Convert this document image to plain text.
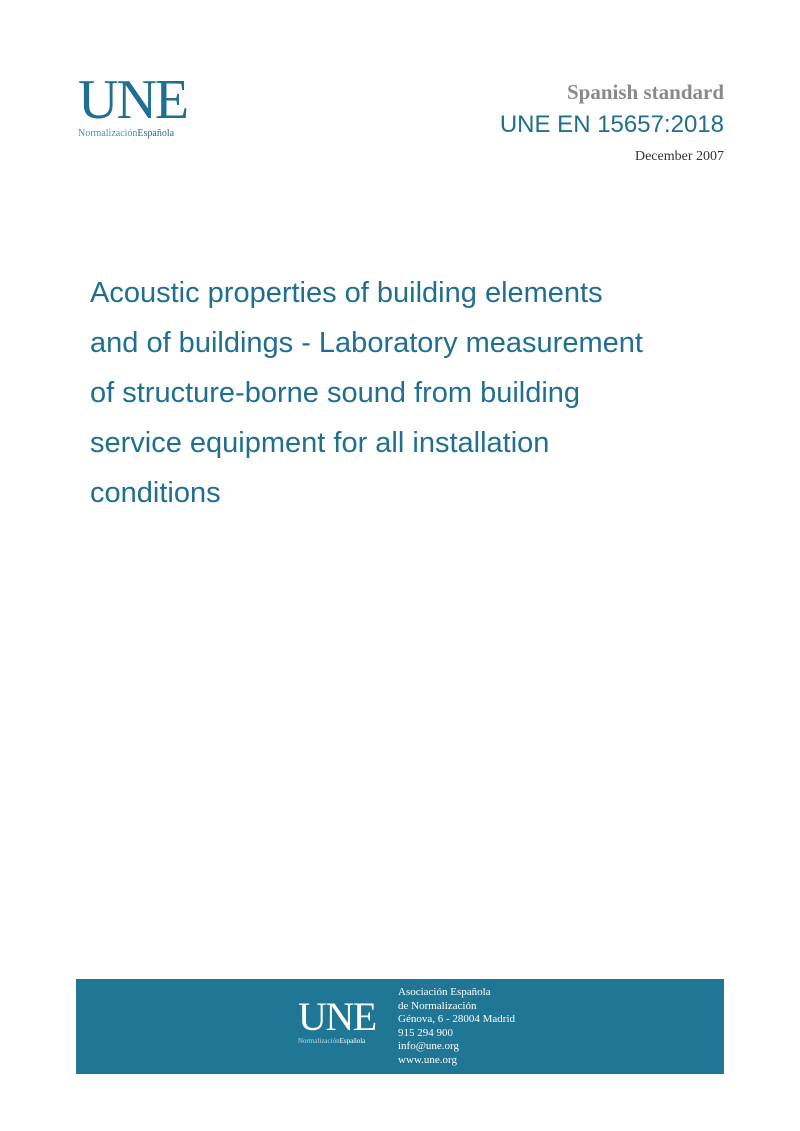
UNE
NormalizaciónEspañola
Spanish standard
UNE EN 15657:2018
December 2007
Acoustic properties of building elements
and of buildings - Laboratory measurement
of structure-borne sound from building
service equipment for all installation
conditions
UNE
NormalizaciónEspañola
Asociación Española
de Normalización
Génova, 6 - 28004 Madrid
915 294 900
info@une.org
www.une.org
